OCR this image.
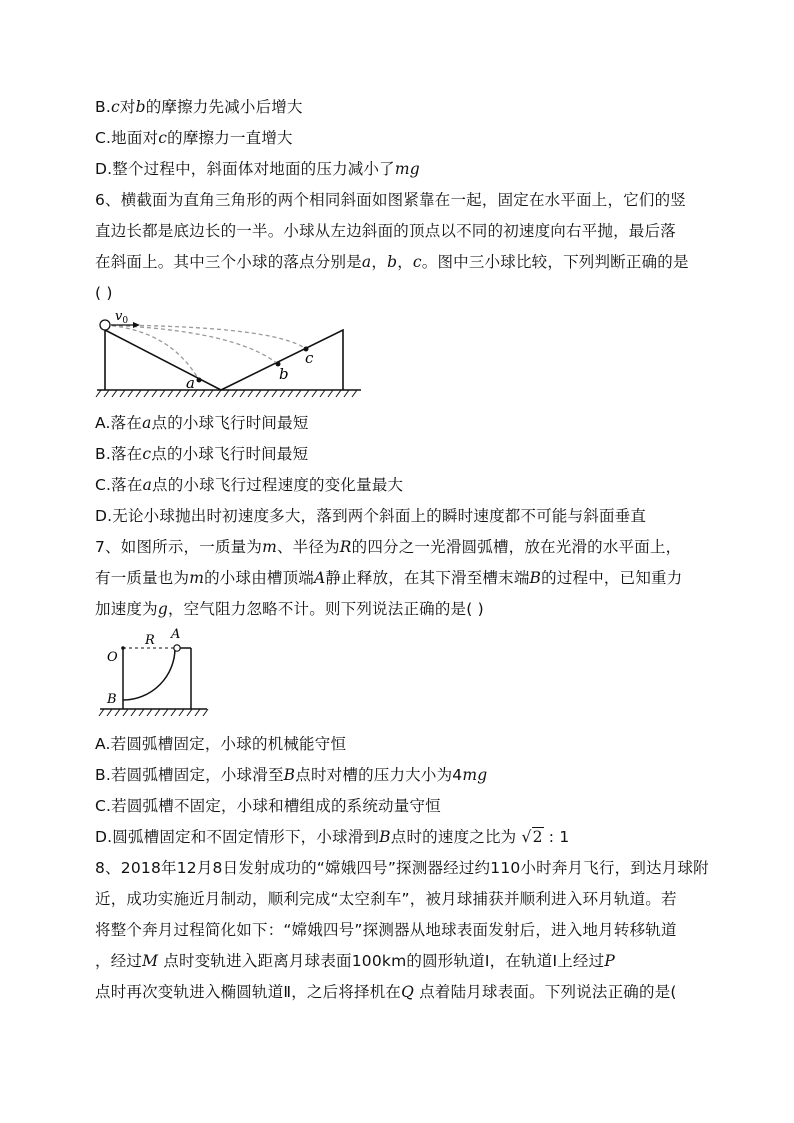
B.c对b的摩擦力先减小后增大
C.地面对c的摩擦力一直增大
D.整个过程中，斜面体对地面的压力减小了mg
6、横截面为直角三角形的两个相同斜面如图紧靠在一起，固定在水平面上，它们的竖
直边长都是底边长的一半。小球从左边斜面的顶点以不同的初速度向右平抛，最后落
在斜面上。其中三个小球的落点分别是a，b，c。图中三小球比较，下列判断正确的是
( )
$v_0$
a	b
c
A.落在a点的小球飞行时间最短
B.落在c点的小球飞行时间最短
C.落在a点的小球飞行过程速度的变化量最大
D.无论小球抛出时初速度多大，落到两个斜面上的瞬时速度都不可能与斜面垂直
7、如图所示，一质量为m、半径为R的四分之一光滑圆弧槽，放在光滑的水平面上，
有一质量也为m的小球由槽顶端A静止释放，在其下滑至槽末端B的过程中，已知重力
加速度为g，空气阻力忽略不计。则下列说法正确的是( )
R A
O
B
A.若圆弧槽固定，小球的机械能守恒
B.若圆弧槽固定，小球滑至B点时对槽的压力大小为4mg
C.若圆弧槽不固定，小球和槽组成的系统动量守恒
D.圆弧槽固定和不固定情形下，小球滑到B点时的速度之比为 √2 : 1
8、2018年12月8日发射成功的“嫦娥四号”探测器经过约110小时奔月飞行，到达月球附
近，成功实施近月制动，顺利完成“太空刹车”，被月球捕获并顺利进入环月轨道。若
将整个奔月过程简化如下：“嫦娥四号”探测器从地球表面发射后，进入地月转移轨道
，经过M 点时变轨进入距离月球表面100km的圆形轨道Ⅰ，在轨道Ⅰ上经过P
点时再次变轨进入椭圆轨道Ⅱ，之后将择机在Q 点着陆月球表面。下列说法正确的是(
